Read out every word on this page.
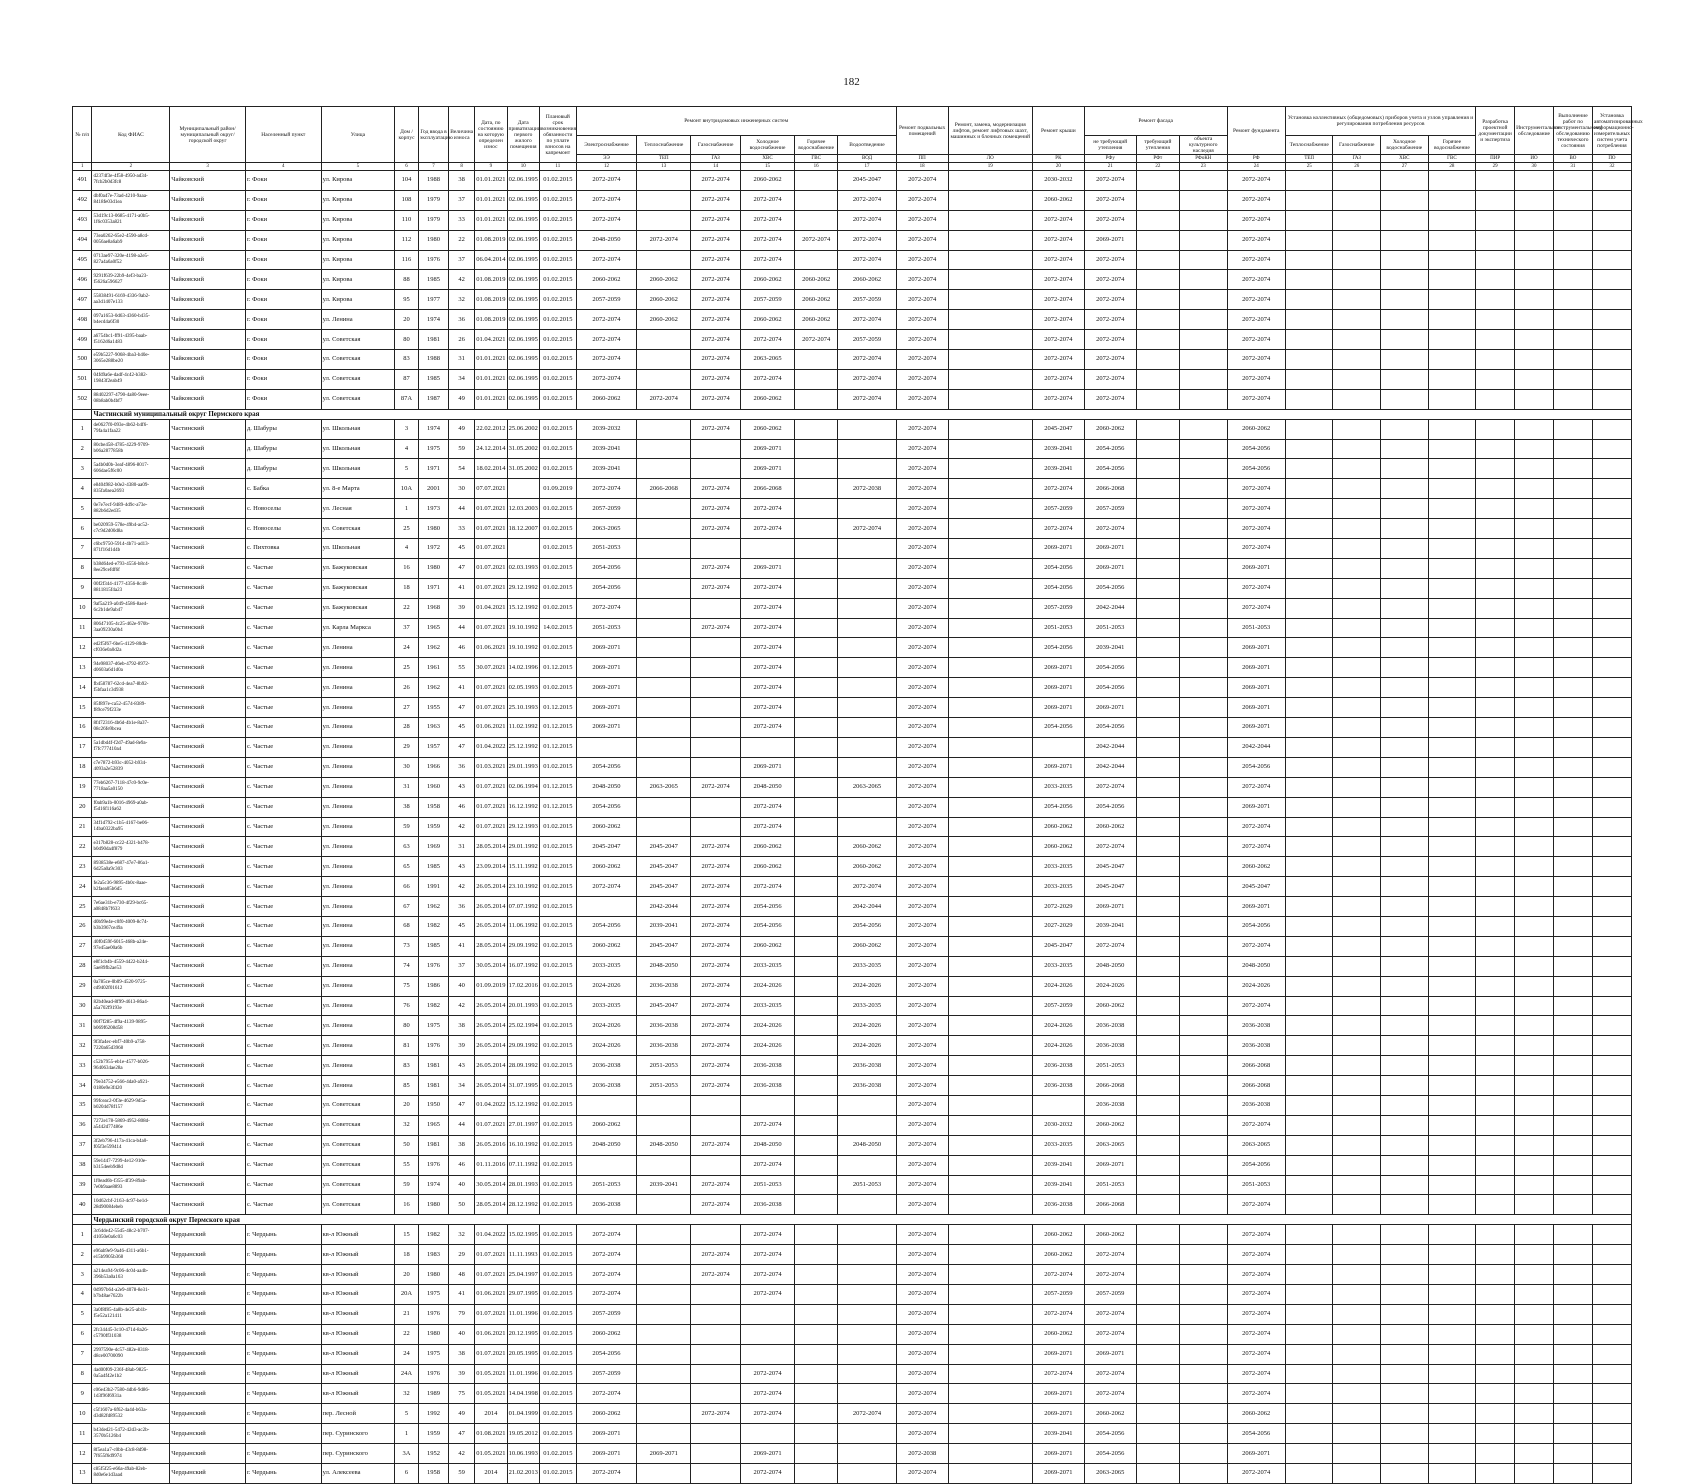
182
№ п/п	Код ФИАС	Муниципальный район/муниципальный округ/городской округ	Населенный пункт	Улица	Дом / корпус	Год ввода в эксплуатацию	Величина износа	Дата, по состоянию на которую определен износ	Дата приватизации первого жилого помещения	Плановый срок возникновения обязанности по уплате взносов на капремонт	Ремонт внутридомовых инженерных систем						Ремонт подвальных помещений	Ремонт, замена, модернизация лифтов, ремонт лифтовых шахт, машинных и блочных помещений	Ремонт крыши	Ремонт фасада			Ремонт фундамента	Установка коллективных (общедомовых) приборов учета и узлов управления и регулирования потребления ресурсов				Разработка проектной документации и экспертиза	Инструментальное обследование	Выполнение работ по инструментальному обследованию технического состояния	Установка автоматизированных информационно-измерительных систем учета потребления
											Электроснабжение	Теплоснабжение	Газоснабжение	Холодное водоснабжение	Горячее водоснабжение	Водоотведение				не требующий утепления	требующий утепления	объекта культурного наследия		Теплоснабжение	Газоснабжение	Холодное водоснабжение	Горячее водоснабжение				
											ЭЭ	ТЕП	ГАЗ	ХВС	ГВС	ВОД	ПП	ЛО	РК	РФу	РФт	РФоКН	РФ	ТЕП	ГАЗ	ХВС	ГВС	ПИР	ИО	ВО	ПО
1	2	3	4	5	6	7	8	9	10	11	12	13	14	15	16	17	18	19	20	21	22	23	24	25	26	27	28	29	30	31	32
491	d2374f3e-4f58-4950-ad34-7fcb2b0d3fc8	Чайковский	г. Фоки	ул. Кирова	104	1988	38	01.01.2021	02.06.1995	01.02.2015	2072-2074		2072-2074	2060-2062		2045-2047	2072-2074		2030-2032	2072-2074			2072-2074								
492	dbf0a47e-73ad-4210-9aaa-8418fe03d1ea	Чайковский	г. Фоки	ул. Кирова	108	1979	37	01.01.2021	02.06.1995	01.02.2015	2072-2074		2072-2074	2072-2074		2072-2074	2072-2074		2060-2062	2072-2074			2072-2074								
493	53d19c13-0685-4171-a0b5-1f6c0353a821	Чайковский	г. Фоки	ул. Кирова	110	1979	33	01.01.2021	02.06.1995	01.02.2015	2072-2074		2072-2074	2072-2074		2072-2074	2072-2074		2072-2074	2072-2074			2072-2074								
494	73ea0262-65e2-4590-a8cd-0056ae8a6ab9	Чайковский	г. Фоки	ул. Кирова	112	1980	22	01.08.2019	02.06.1995	01.02.2015	2048-2050	2072-2074	2072-2074	2072-2074	2072-2074	2072-2074	2072-2074		2072-2074	2069-2071			2072-2074								
495	0713ae97-320e-4198-a2e5-827a4a6a0f52	Чайковский	г. Фоки	ул. Кирова	116	1976	37	06.04.2014	02.06.1995	01.02.2015	2072-2074		2072-2074	2072-2074		2072-2074	2072-2074		2072-2074	2072-2074			2072-2074								
496	9291f639-22b9-4ef3-ba23-f5626a596627	Чайковский	г. Фоки	ул. Кирова	88	1985	42	01.08.2019	02.06.1995	01.02.2015	2060-2062	2060-2062	2072-2074	2060-2062	2060-2062	2060-2062	2072-2074		2072-2074	2072-2074			2072-2074								
497	55838491-6169-4336-9ab2-aa3d1407e133	Чайковский	г. Фоки	ул. Кирова	95	1977	32	01.08.2019	02.06.1995	01.02.2015	2057-2059	2060-2062	2072-2074	2057-2059	2060-2062	2057-2059	2072-2074		2072-2074	2072-2074			2072-2074								
498	097a1653-0d63-4360-b435-b4ecd4a6f30	Чайковский	г. Фоки	ул. Ленина	20	1974	36	01.08.2019	02.06.1995	01.02.2015	2072-2074	2060-2062	2072-2074	2060-2062	2060-2062	2072-2074	2072-2074		2072-2074	2072-2074			2072-2074								
499	a6754bc1-ff91-4395-baab-f5162d6a1483	Чайковский	г. Фоки	ул. Советская	80	1981	26	01.04.2021	02.06.1995	01.02.2015	2072-2074		2072-2074	2072-2074	2072-2074	2057-2059	2072-2074		2072-2074	2072-2074			2072-2074								
500	e59b5227-9068-4ba3-b40e-3065e288be20	Чайковский	г. Фоки	ул. Советская	83	1988	31	01.01.2021	02.06.1995	01.02.2015	2072-2074		2072-2074	2063-2065		2072-2074	2072-2074		2072-2074	2072-2074			2072-2074								
501	04fd9a6e-dadf-4c42-b382-19843f2eab49	Чайковский	г. Фоки	ул. Советская	87	1985	34	01.01.2021	02.06.1995	01.02.2015	2072-2074		2072-2074	2072-2074		2072-2074	2072-2074		2072-2074	2072-2074			2072-2074								
502	88402297-4790-4a80-9eee-08b8ab0b4bf7	Чайковский	г. Фоки	ул. Советская	87А	1987	49	01.01.2021	02.06.1995	01.02.2015	2060-2062	2072-2074	2072-2074	2060-2062		2072-2074	2072-2074		2072-2074	2072-2074			2072-2074								
	Частинский муниципальный округ Пермского края																														
1	de0627f0-093e-4b62-b4f6-79fa4a1faa22	Частинский	д. Шабуры	ул. Школьная	3	1974	49	22.02.2012	25.06.2002	01.02.2015	2039-2032		2072-2074	2060-2062			2072-2074		2045-2047	2060-2062			2060-2062								
2	80cbe458-4785-4229-9709-b06a2877858b	Частинский	д. Шабуры	ул. Школьная	4	1975	59	24.12.2014	31.05.2002	01.02.2015	2039-2041			2069-2071			2072-2074		2039-2041	2054-2056			2054-2056								
3	5a4b0d0b-3eaf-4896-8017-606dae5f6c00	Частинский	д. Шабуры	ул. Школьная	5	1971	54	18.02.2014	31.05.2002	01.02.2015	2039-2041			2069-2071			2072-2074		2039-2041	2054-2056			2054-2056								
4	e8404982-b0e2-4380-aa09-835fa0aea2693	Частинский	с. Бабка	ул. 8-е Марта	10А	2001	30	07.07.2021		01.09.2019	2072-2074	2066-2068	2072-2074	2066-2068		2072-2038	2072-2074		2072-2074	2066-2068			2072-2074								
5	0e7e7ecf-9489-4d9c-a73e-882b6d2ed35	Частинский	с. Новоселы	ул. Лесная	1	1973	44	01.07.2021	12.03.2003	01.02.2015	2057-2059		2072-2074	2072-2074			2072-2074		2057-2059	2057-2059			2072-2074								
6	be020959-578e-49b4-ac52-c7c9d2d00d8a	Частинский	с. Новоселы	ул. Советская	25	1980	33	01.07.2021	18.12.2007	01.02.2015	2063-2065		2072-2074	2072-2074		2072-2074	2072-2074		2072-2074	2072-2074			2072-2074								
7	c6bc9750-5914-4b71-ad13-871f16d1d4b	Частинский	с. Пихтовка	ул. Школьная	4	1972	45	01.07.2021		01.02.2015	2051-2053						2072-2074		2069-2071	2069-2071			2072-2074								
8	b38d64ed-e793-4556-b8c4-8ee29cefdf6f	Частинский	с. Частые	ул. Бажуковская	16	1980	47	01.07.2021	02.03.1993	01.02.2015	2054-2056		2072-2074	2069-2071			2072-2074		2054-2056	2069-2071			2069-2071								
9	00f2f344-4177-4356-8c48-8811815f4a23	Частинский	с. Частые	ул. Бажуковская	18	1971	41	01.07.2021	29.12.1992	01.02.2015	2054-2056		2072-2074	2072-2074			2072-2074		2054-2056	2054-2056			2072-2074								
10	9af5a219-a049-4586-8ae4-6c2b1de9ab47	Частинский	с. Частые	ул. Бажуковская	22	1968	39	01.04.2021	15.12.1992	01.02.2015	2072-2074			2072-2074			2072-2074		2057-2059	2042-2044			2072-2074								
11	80647105-4c25-462e-970b-3aa09230a0b4	Частинский	с. Частые	ул. Карла Маркса	37	1965	44	01.07.2021	19.10.1992	14.02.2015	2051-2053		2072-2074	2072-2074			2072-2074		2051-2053	2051-2053			2051-2053								
12	ed2f5f67-6be5-4129-80db-cf036e0a0d2a	Частинский	с. Частые	ул. Ленина	24	1962	46	01.06.2021	19.10.1992	01.02.2015	2069-2071			2072-2074			2072-2074		2054-2056	2039-2041			2069-2071								
13	94e98037-d6eb-4792-8972-d0603a6d1d0a	Частинский	с. Частые	ул. Ленина	25	1961	55	30.07.2021	14.02.1996	01.12.2015	2069-2071			2072-2074			2072-2074		2069-2071	2054-2056			2069-2071								
14	fb458787-62cd-4ea7-8b92-f5bfaa1c3d938	Частинский	с. Частые	ул. Ленина	26	1962	41	01.07.2021	02.05.1993	01.02.2015	2069-2071			2072-2074			2072-2074		2069-2071	2054-2056			2069-2071								
15	85f897e-ca52-4574-8389-f89ce79f233e	Частинский	с. Частые	ул. Ленина	27	1955	47	01.07.2021	25.10.1993	01.12.2015	2069-2071			2072-2074			2072-2074		2069-2071	2069-2071			2069-2071								
16	8f472316-4b6d-4b1e-8a37-08c26fe9bcea	Частинский	с. Частые	ул. Ленина	28	1963	45	01.06.2021	11.02.1992	01.12.2015	2069-2071			2072-2074			2072-2074		2054-2056	2054-2056			2069-2071								
17	5a1dbd4f-f2d7-49ad-8e9a-f7fc777410a4	Частинский	с. Частые	ул. Ленина	29	1957	47	01.04.2022	25.12.1992	01.12.2015							2072-2074			2042-2044			2042-2044								
18	c7e7872-b93c-4052-b934-4093a2e52839	Частинский	с. Частые	ул. Ленина	30	1966	36	01.03.2021	29.01.1993	01.02.2015	2054-2056			2069-2071			2072-2074		2069-2071	2042-2044			2054-2056								
19	77eb6267-7118-47c0-9c0e-7718aa5a0150	Частинский	с. Частые	ул. Ленина	31	1960	43	01.07.2021	02.06.1994	01.12.2015	2048-2050	2063-2065	2072-2074	2048-2050		2063-2065	2072-2074		2033-2035	2072-2074			2072-2074								
20	f0ab9a1b-0016-4969-a0ab-f5d16f116a62	Частинский	с. Частые	ул. Ленина	38	1958	46	01.07.2021	16.12.1992	01.12.2015	2054-2056			2072-2074			2072-2074		2054-2056	2054-2056			2069-2071								
21	34f1d792-c1b5-4167-be06-14ba0322ba95	Частинский	с. Частые	ул. Ленина	59	1959	42	01.07.2021	29.12.1993	01.02.2015	2060-2062			2072-2074			2072-2074		2060-2062	2060-2062			2072-2074								
22	e317b828-cc22-4321-b478-b0d90da4f879	Частинский	с. Частые	ул. Ленина	63	1969	31	28.05.2014	29.01.1992	01.02.2015	2045-2047	2045-2047	2072-2074	2060-2062		2060-2062	2072-2074		2060-2062	2072-2074			2072-2074								
23	8938538e-e687-47e7-86a1-6d25a0a9c303	Частинский	с. Частые	ул. Ленина	65	1985	43	23.09.2014	15.11.1992	01.02.2015	2060-2062	2045-2047	2072-2074	2060-2062		2060-2062	2072-2074		2033-2035	2045-2047			2060-2062								
24	fe2a5c36-9895-4b0c-8aae-b2faea05b6d5	Частинский	с. Частые	ул. Ленина	66	1991	42	26.05.2014	23.10.1992	01.02.2015	2072-2074	2045-2047	2072-2074	2072-2074		2072-2074	2072-2074		2033-2035	2045-2047			2045-2047								
25	7e6ae31b-e730-4f29-bc65-a0848b7f633	Частинский	с. Частые	ул. Ленина	67	1962	36	26.05.2014	07.07.1992	01.02.2015		2042-2044	2072-2074	2054-2056		2042-2044	2072-2074		2072-2029	2069-2071			2069-2071								
26	d0b99e4e-c0f0-4009-8c74-b3b3967ce49a	Частинский	с. Частые	ул. Ленина	68	1982	45	26.05.2014	11.06.1992	01.02.2015	2054-2056	2039-2041	2072-2074	2054-2056		2054-2056	2072-2074		2027-2029	2039-2041			2054-2056								
27	40f0459f-6015-468b-a24e-97e45ae00a6b	Частинский	с. Частые	ул. Ленина	73	1985	41	28.05.2014	29.09.1992	01.02.2015	2060-2062	2045-2047	2072-2074	2060-2062		2060-2062	2072-2074		2045-2047	2072-2074			2072-2074								
28	e8f1cb4b-4559-4422-b244-5ae89fb2ae53	Частинский	с. Частые	ул. Ленина	74	1976	37	30.05.2014	16.07.1992	01.02.2015	2033-2035	2048-2050	2072-2074	2033-2035		2033-2035	2072-2074		2033-2035	2048-2050			2048-2050								
29	0a785ce-0b09-4520-9725-cd9402f01612	Частинский	с. Частые	ул. Ленина	75	1986	40	01.09.2019	17.02.2016	01.02.2015	2024-2026	2036-2038	2072-2074	2024-2026		2024-2026	2072-2074		2024-2026	2024-2026			2024-2026								
30	82b40ead-8f99-4613-86a4-a5a702f9193e	Частинский	с. Частые	ул. Ленина	76	1982	42	26.05.2014	20.01.1993	01.02.2015	2033-2035	2045-2047	2072-2074	2033-2035		2033-2035	2072-2074		2057-2059	2060-2062			2072-2074								
31	00f7f285-4f9a-4139-9895-b069f6208d58	Частинский	с. Частые	ул. Ленина	80	1975	38	26.05.2014	25.02.1994	01.02.2015	2024-2026	2036-2038	2072-2074	2024-2026		2024-2026	2072-2074		2024-2026	2036-2038			2036-2038								
32	9f3fa4ec-ebf7-40b9-a758-7220a65d3968	Частинский	с. Частые	ул. Ленина	81	1976	39	26.05.2014	29.09.1992	01.02.2015	2024-2026	2036-2038	2072-2074	2024-2026		2024-2026	2072-2074		2024-2026	2036-2038			2036-2038								
33	c52b7955-eb1e-4577-b026-9640634ae28a	Частинский	с. Частые	ул. Ленина	83	1981	43	26.05.2014	28.09.1992	01.02.2015	2036-2038	2051-2053	2072-2074	2036-2038		2036-2038	2072-2074		2036-2038	2051-2053			2066-2068								
34	79e34752-e566-4da0-a921-0180e9e3f420	Частинский	с. Частые	ул. Ленина	85	1981	34	26.05.2014	31.07.1995	01.02.2015	2036-2038	2051-2053	2072-2074	2036-2038		2036-2038	2072-2074		2036-2038	2066-2068			2066-2068								
35	99fceac2-0f3e-4629-9d5a-b0204d78f157	Частинский	с. Частые	ул. Советская	20	1950	47	01.04.2022	15.12.1992	01.02.2015							2072-2074			2036-2038			2036-2038								
36	7272e178-5869-4952-808d-a5442d77486e	Частинский	с. Частые	ул. Советская	32	1965	44	01.07.2021	27.01.1997	01.02.2015	2060-2062			2072-2074			2072-2074		2030-2032	2060-2062			2072-2074								
37	3f2eb796-417a-41ca-b4a0-f05f3e599414	Частинский	с. Частые	ул. Советская	50	1981	38	26.05.2016	16.10.1992	01.02.2015	2048-2050	2048-2050	2072-2074	2048-2050		2048-2050	2072-2074		2033-2035	2063-2065			2063-2065								
38	59e1447-7299-4e12-910e-b3154eeb9d8d	Частинский	с. Частые	ул. Советская	55	1976	46	01.11.2016	07.11.1992	01.02.2015				2072-2074			2072-2074		2039-2041	2069-2071			2054-2056								
39	1f0ead6b-f355-4f39-89ab-7e0b9aae8893	Частинский	с. Частые	ул. Советская	59	1974	40	30.05.2014	28.01.1993	01.02.2015	2051-2053	2039-2041	2072-2074	2051-2053		2051-2053	2072-2074		2039-2041	2051-2053			2051-2053								
40	10d62cbf-2163-4c97-be1d-28d90084ebeb	Частинский	с. Частые	ул. Советская	16	1980	50	28.05.2014	28.12.1992	01.02.2015	2036-2038		2072-2074	2036-2038			2072-2074		2036-2038	2066-2068			2072-2074								
	Чердынский городской округ Пермского края																														
1	3c64de42-55d5-48c2-b707-d1050e0a6c03	Чердынский	г. Чердынь	кв-л Южный	15	1982	32	01.04.2022	15.02.1995	01.02.2015	2072-2074			2072-2074			2072-2074		2060-2062	2060-2062			2072-2074								
2	e96ab9e9-9a46-4311-a6b1-e15b9905b368	Чердынский	г. Чердынь	кв-л Южный	18	1983	29	01.07.2021	11.11.1993	01.02.2015	2072-2074		2072-2074	2072-2074			2072-2074		2060-2062	2072-2074			2072-2074								
3	a214ea94-9c06-4c04-aa4b-396b53a0a163	Чердынский	г. Чердынь	кв-л Южный	20	1980	48	01.07.2021	25.04.1997	01.02.2015	2072-2074		2072-2074	2072-2074			2072-2074		2072-2074	2072-2074			2072-2074								
4	0d997b64-a2e9-4078-8e31-b7b48ae7622b	Чердынский	г. Чердынь	кв-л Южный	20А	1975	41	01.06.2021	29.07.1995	01.02.2015	2072-2074			2072-2074			2072-2074		2057-2059	2057-2059			2072-2074								
5	3a0f8f85-4a8b-4e25-ab1b-f5e52a121411	Чердынский	г. Чердынь	кв-л Южный	21	1976	79	01.07.2021	11.01.1996	01.02.2015	2057-2059						2072-2074		2072-2074	2072-2074			2072-2074								
6	2fc34445-3c10-471d-8a26-c5790ff31038	Чердынский	г. Чердынь	кв-л Южный	22	1980	40	01.06.2021	20.12.1995	01.02.2015	2060-2062						2072-2074		2060-2062	2072-2074			2072-2074								
7	2997590e-dc57-482e-8318-d8ce00700090	Чердынский	г. Чердынь	кв-л Южный	24	1975	38	01.07.2021	20.05.1995	01.02.2015	2054-2056						2072-2074		2069-2071	2069-2071			2072-2074								
8	4ad00f09-236f-48ab-9825-0a5a4f42e1b2	Чердынский	г. Чердынь	кв-л Южный	24А	1976	39	01.05.2021	11.01.1996	01.02.2015	2057-2059			2072-2074			2072-2074		2072-2074	2072-2074			2072-2074								
9	c06e43b2-7580-4db6-9d86-1d3f96f6931a	Чердынский	г. Чердынь	кв-л Южный	32	1989	75	01.05.2021	14.04.1998	01.02.2015	2072-2074			2072-2074			2072-2074		2069-2071	2072-2074			2072-2074								
10	c5f1607a-6f62-4a4d-b63a-d3d82fd89532	Чердынский	г. Чердынь	пер. Лесной	5	1992	49	2014	01.04.1999	01.02.2015	2060-2062		2072-2074	2072-2074		2072-2074	2072-2074		2069-2071	2060-2062			2060-2062								
11	b43ded21-5472-42d3-ac2b-3570b5126b4	Чердынский	г. Чердынь	пер. Суринского	1	1959	47	01.08.2021	19.05.2012	01.02.2015	2069-2071						2072-2074		2039-2041	2054-2056			2054-2056								
12	8f5ea1a7-c0bb-43c8-8d98-7f655f6d9974	Чердынский	г. Чердынь	пер. Суринского	3А	1952	42	01.05.2021	10.06.1993	01.02.2015	2069-2071	2069-2071		2069-2071			2072-2038		2069-2071	2054-2056			2069-2071								
13	c85f5f25-e66a-49ab-82eb-8d0e6e1d3aad	Чердынский	г. Чердынь	ул. Алексеева	6	1958	59	2014	21.02.2013	01.02.2015	2072-2074			2072-2074			2072-2074		2069-2071	2063-2065			2072-2074								
